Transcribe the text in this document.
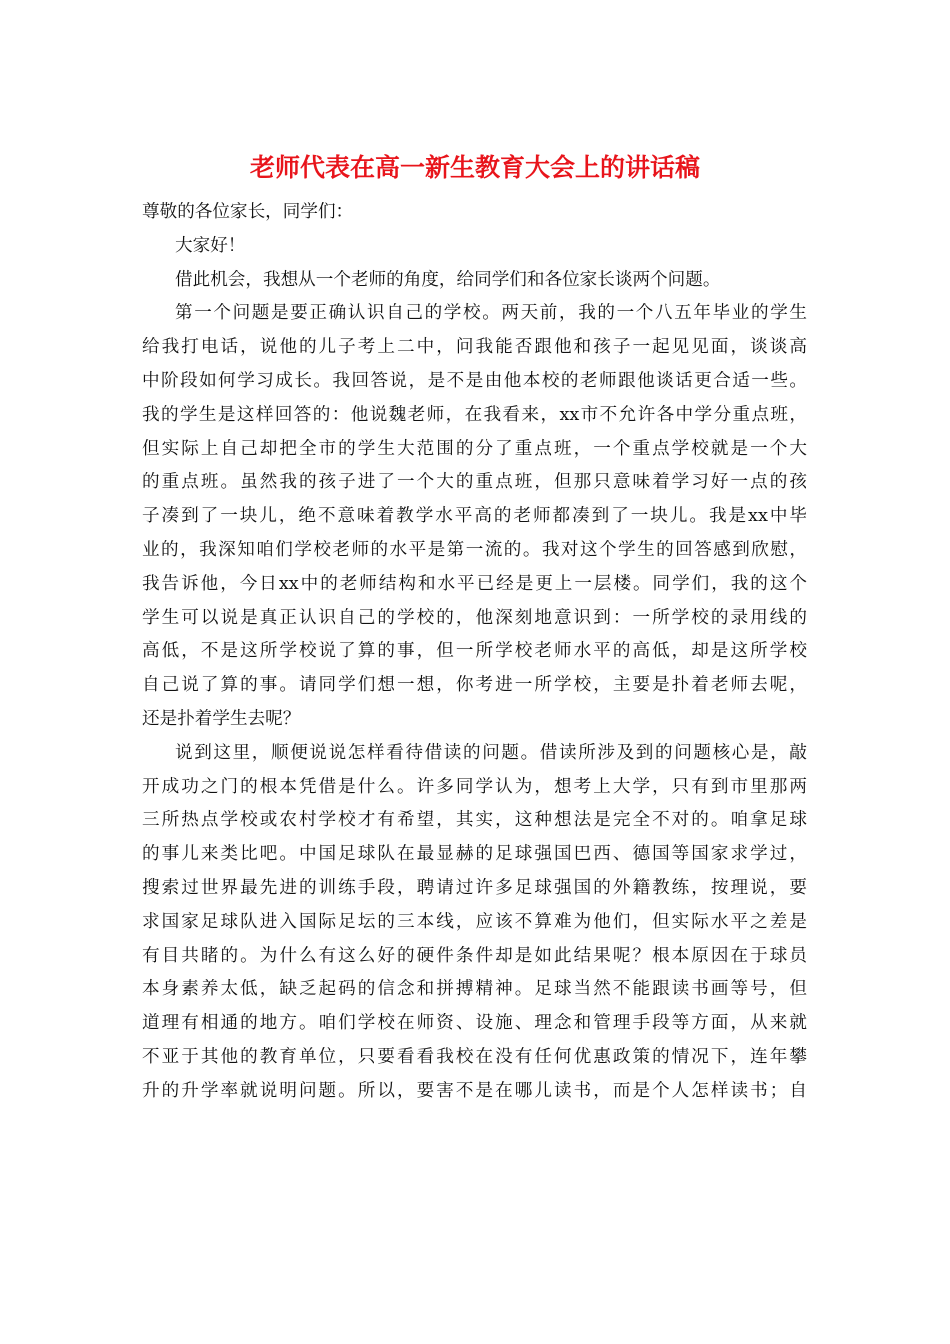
老师代表在高一新生教育大会上的讲话稿

尊敬的各位家长，同学们：

大家好！

借此机会，我想从一个老师的角度，给同学们和各位家长谈两个问题。

第一个问题是要正确认识自己的学校。两天前，我的一个八五年毕业的学生
给我打电话，说他的儿子考上二中，问我能否跟他和孩子一起见见面，谈谈高
中阶段如何学习成长。我回答说，是不是由他本校的老师跟他谈话更合适一些。
我的学生是这样回答的：他说魏老师，在我看来，xx市不允许各中学分重点班，
但实际上自己却把全市的学生大范围的分了重点班，一个重点学校就是一个大
的重点班。虽然我的孩子进了一个大的重点班，但那只意味着学习好一点的孩
子凑到了一块儿，绝不意味着教学水平高的老师都凑到了一块儿。我是xx中毕
业的，我深知咱们学校老师的水平是第一流的。我对这个学生的回答感到欣慰，
我告诉他，今日xx中的老师结构和水平已经是更上一层楼。同学们，我的这个
学生可以说是真正认识自己的学校的，他深刻地意识到：一所学校的录用线的
高低，不是这所学校说了算的事，但一所学校老师水平的高低，却是这所学校
自己说了算的事。请同学们想一想，你考进一所学校，主要是扑着老师去呢，
还是扑着学生去呢？

说到这里，顺便说说怎样看待借读的问题。借读所涉及到的问题核心是，敲
开成功之门的根本凭借是什么。许多同学认为，想考上大学，只有到市里那两
三所热点学校或农村学校才有希望，其实，这种想法是完全不对的。咱拿足球
的事儿来类比吧。中国足球队在最显赫的足球强国巴西、德国等国家求学过，
搜索过世界最先进的训练手段，聘请过许多足球强国的外籍教练，按理说，要
求国家足球队进入国际足坛的三本线，应该不算难为他们，但实际水平之差是
有目共睹的。为什么有这么好的硬件条件却是如此结果呢？根本原因在于球员
本身素养太低，缺乏起码的信念和拼搏精神。足球当然不能跟读书画等号，但
道理有相通的地方。咱们学校在师资、设施、理念和管理手段等方面，从来就
不亚于其他的教育单位，只要看看我校在没有任何优惠政策的情况下，连年攀
升的升学率就说明问题。所以，要害不是在哪儿读书，而是个人怎样读书；自
